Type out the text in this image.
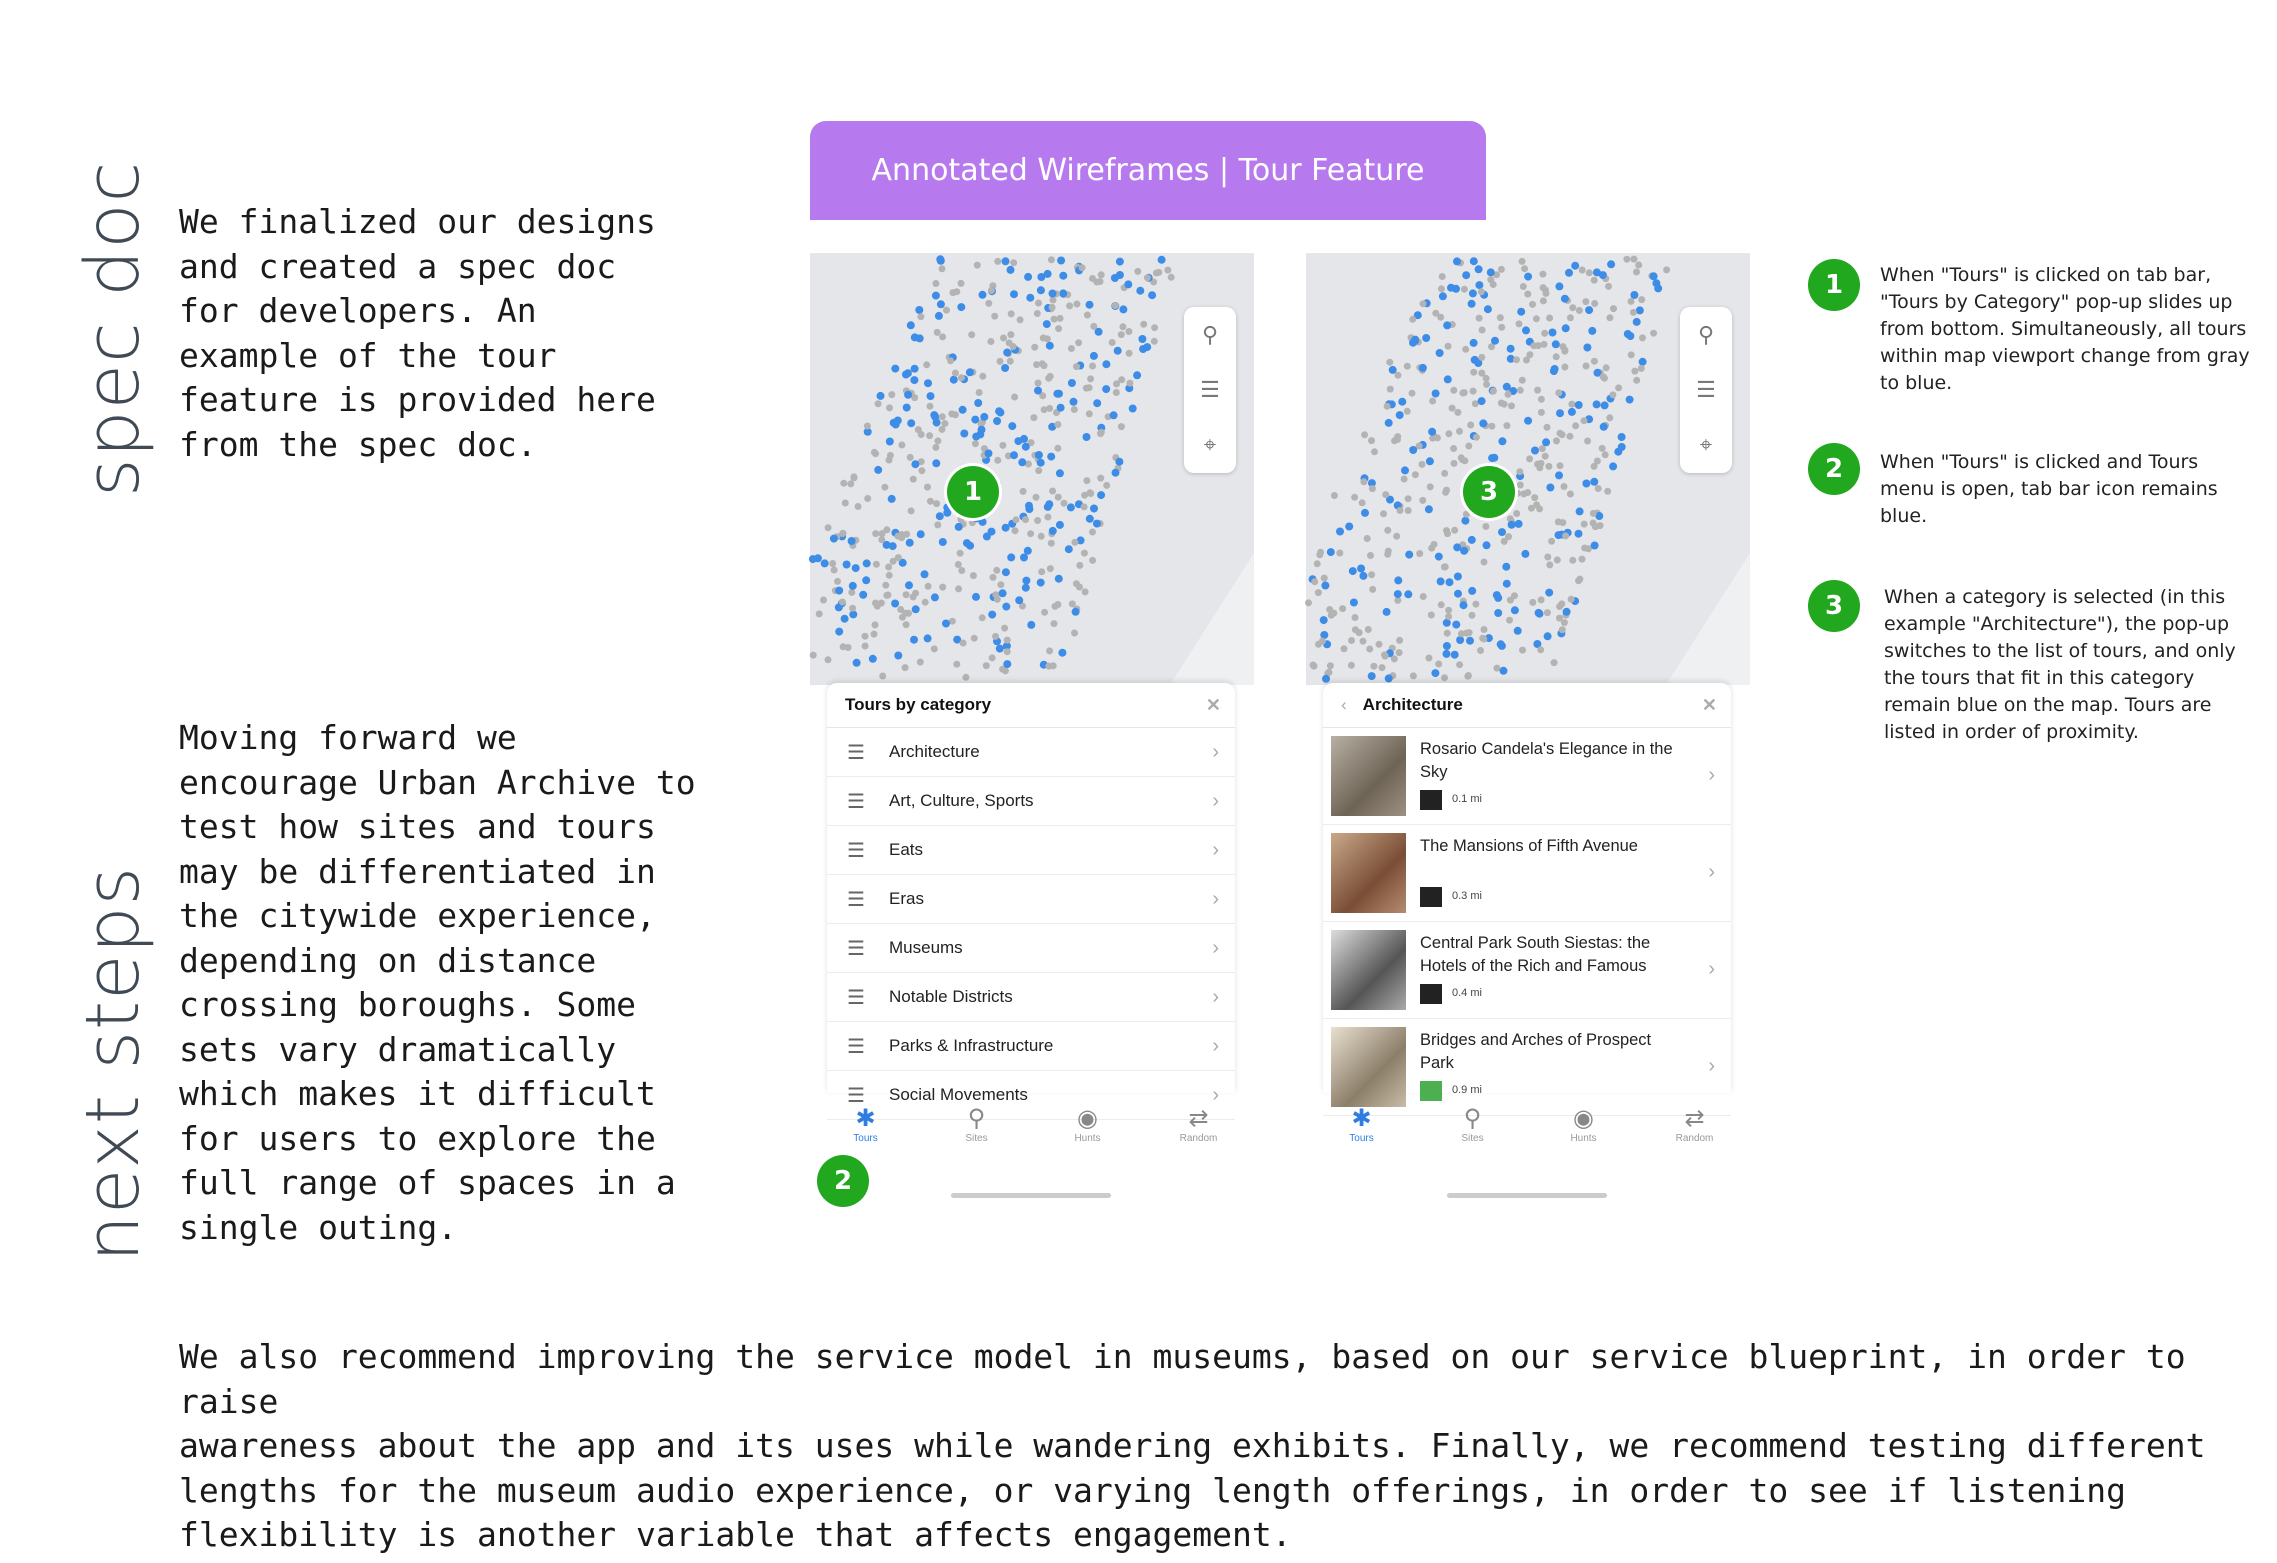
spec doc
next steps
We finalized our designs
and created a spec doc
for developers. An
example of the tour
feature is provided here
from the spec doc.
Moving forward we
encourage Urban Archive to
test how sites and tours
may be differentiated in
the citywide experience,
depending on distance
crossing boroughs. Some
sets vary dramatically
which makes it difficult
for users to explore the
full range of spaces in a
single outing.
We also recommend improving the service model in museums, based on our service blueprint, in order to raise
awareness about the app and its uses while wandering exhibits. Finally, we recommend testing different
lengths for the museum audio experience, or varying length offerings, in order to see if listening
flexibility is another variable that affects engagement.
Annotated Wireframes | Tour Feature
⚲
☰
⌖
Tours by category	✕
☰ Architecture	›
☰ Art, Culture, Sports	›
☰ Eats	›
☰ Eras	›
☰ Museums	›
☰ Notable Districts	›
☰ Parks & Infrastructure	›
☰ Social Movements	›
✱
Tours
⚲
Sites
◉
Hunts
⇄
Random
⚲
☰
⌖
‹ Architecture	✕
Rosario Candela's Elegance in the Sky
0.1 mi
›
The Mansions of Fifth Avenue
0.3 mi
›
Central Park South Siestas: the Hotels of the Rich and Famous
0.4 mi
›
Bridges and Arches of Prospect Park
0.9 mi
›
✱
Tours
⚲
Sites
◉
Hunts
⇄
Random
1
2
3
1	When "Tours" is clicked on tab bar, "Tours by Category" pop-up slides up from bottom. Simultaneously, all tours within map viewport change from gray to blue.
2	When "Tours" is clicked and Tours menu is open, tab bar icon remains blue.
3	When a category is selected (in this example "Architecture"), the pop-up switches to the list of tours, and only the tours that fit in this category remain blue on the map. Tours are listed in order of proximity.
